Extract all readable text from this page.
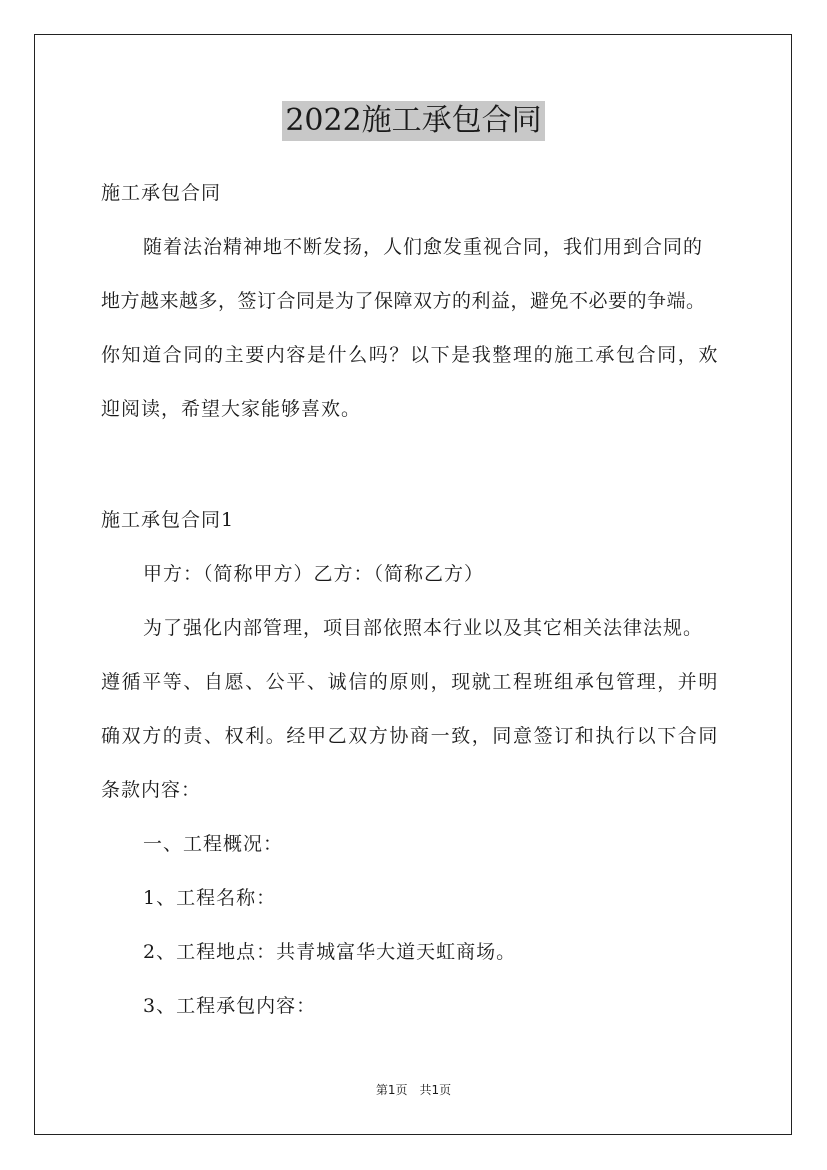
2022施工承包合同
施工承包合同
随着法治精神地不断发扬，人们愈发重视合同，我们用到合同的
地方越来越多，签订合同是为了保障双方的利益，避免不必要的争端。
你知道合同的主要内容是什么吗？以下是我整理的施工承包合同，欢
迎阅读，希望大家能够喜欢。
施工承包合同1
甲方：（简称甲方）乙方：（简称乙方）
为了强化内部管理，项目部依照本行业以及其它相关法律法规。
遵循平等、自愿、公平、诚信的原则，现就工程班组承包管理，并明
确双方的责、权利。经甲乙双方协商一致，同意签订和执行以下合同
条款内容：
一、工程概况：
1、工程名称：
2、工程地点：共青城富华大道天虹商场。
3、工程承包内容：
第1页　共1页
